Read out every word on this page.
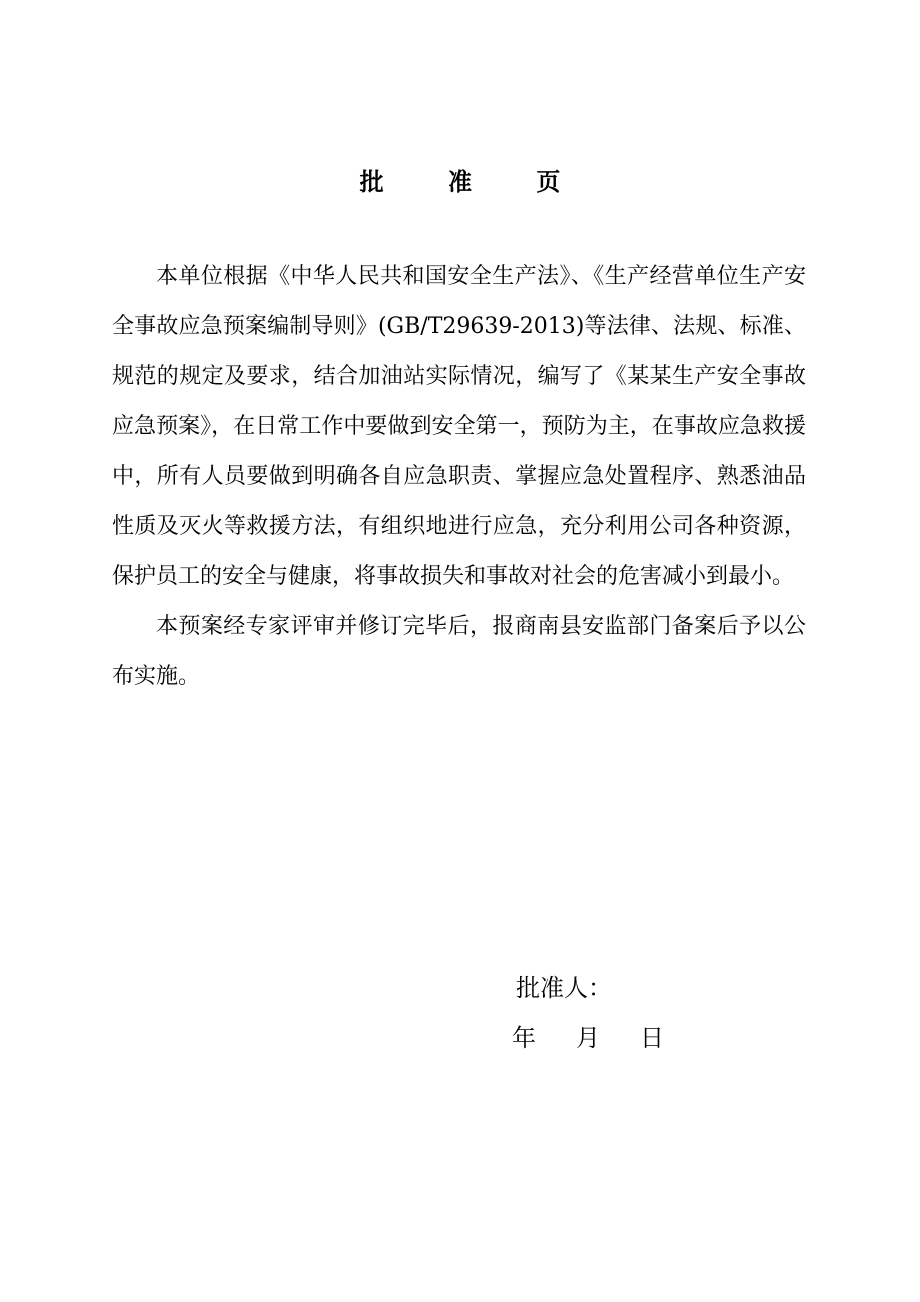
批 准 页

本单位根据《中华人民共和国安全生产法》、《生产经营单位生产安全事故应急预案编制导则》(GB/T29639-2013)等法律、法规、标准、规范的规定及要求，结合加油站实际情况，编写了《某某生产安全事故应急预案》，在日常工作中要做到安全第一，预防为主，在事故应急救援中，所有人员要做到明确各自应急职责、掌握应急处置程序、熟悉油品性质及灭火等救援方法，有组织地进行应急，充分利用公司各种资源，保护员工的安全与健康，将事故损失和事故对社会的危害减小到最小。

本预案经专家评审并修订完毕后，报商南县安监部门备案后予以公布实施。

批准人：
年 月 日
